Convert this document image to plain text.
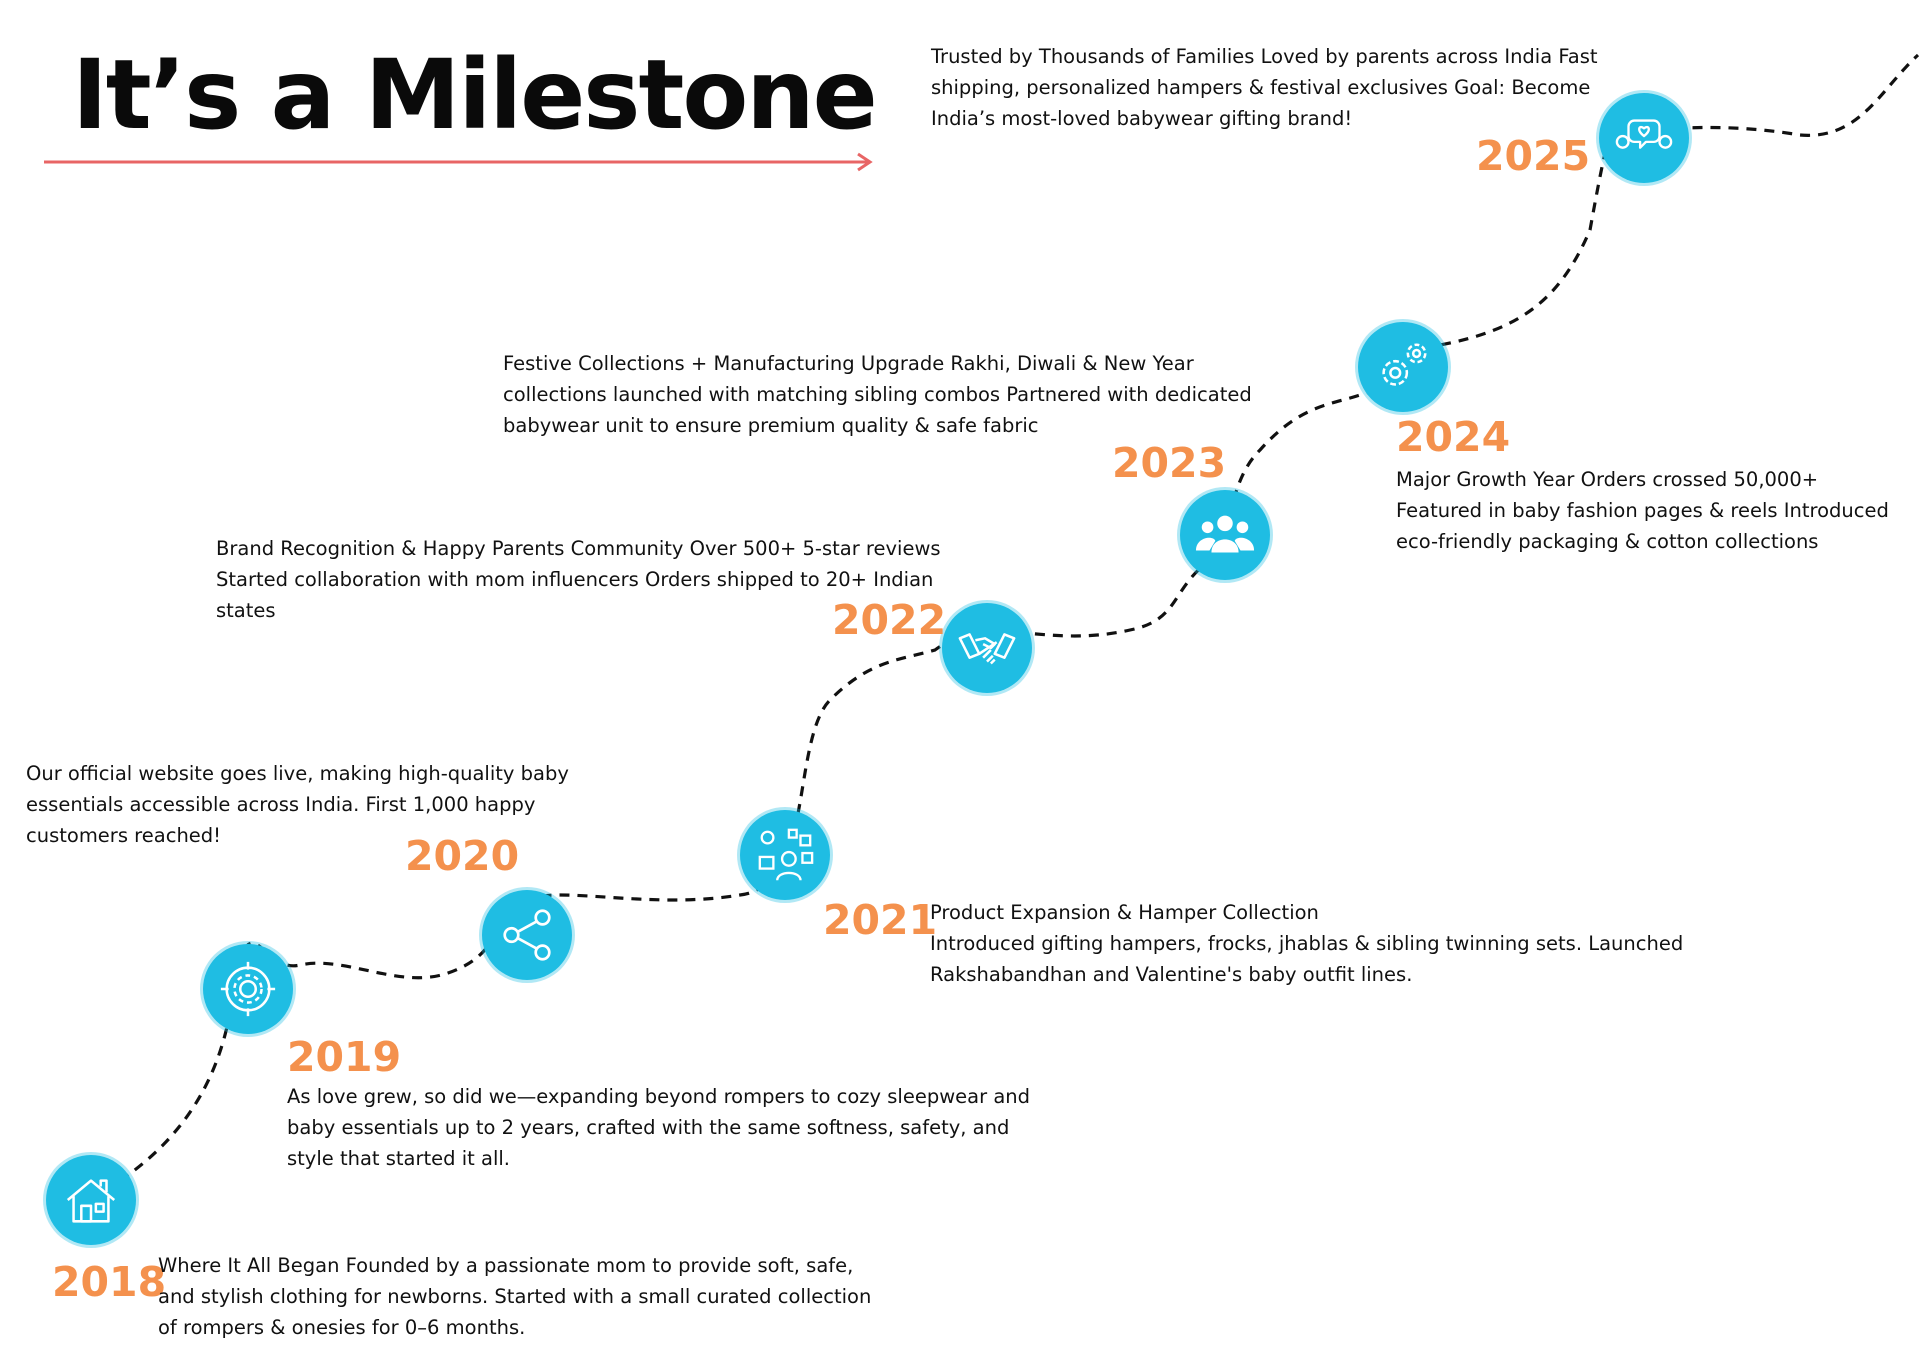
It’s a Milestone
2018

Where It All Began Founded by a passionate mom to provide soft, safe, and stylish clothing for newborns. Started with a small curated collection of rompers & onesies for 0–6 months.

2019

As love grew, so did we—expanding beyond rompers to cozy sleepwear and baby essentials up to 2 years, crafted with the same softness, safety, and style that started it all.

2020

Our official website goes live, making high-quality baby essentials accessible across India. First 1,000 happy customers reached!

2021

Product Expansion & Hamper Collection

Introduced gifting hampers, frocks, jhablas & sibling twinning sets. Launched Rakshabandhan and Valentine's baby outfit lines.

2022

Brand Recognition & Happy Parents Community Over 500+ 5-star reviews Started collaboration with mom influencers Orders shipped to 20+ Indian states

2023

Festive Collections + Manufacturing Upgrade Rakhi, Diwali & New Year collections launched with matching sibling combos Partnered with dedicated babywear unit to ensure premium quality & safe fabric	2024

Major Growth Year Orders crossed 50,000+ Featured in baby fashion pages & reels Introduced eco-friendly packaging & cotton collections

2025

Trusted by Thousands of Families Loved by parents across India Fast shipping, personalized hampers & festival exclusives Goal: Become India’s most-loved babywear gifting brand!
